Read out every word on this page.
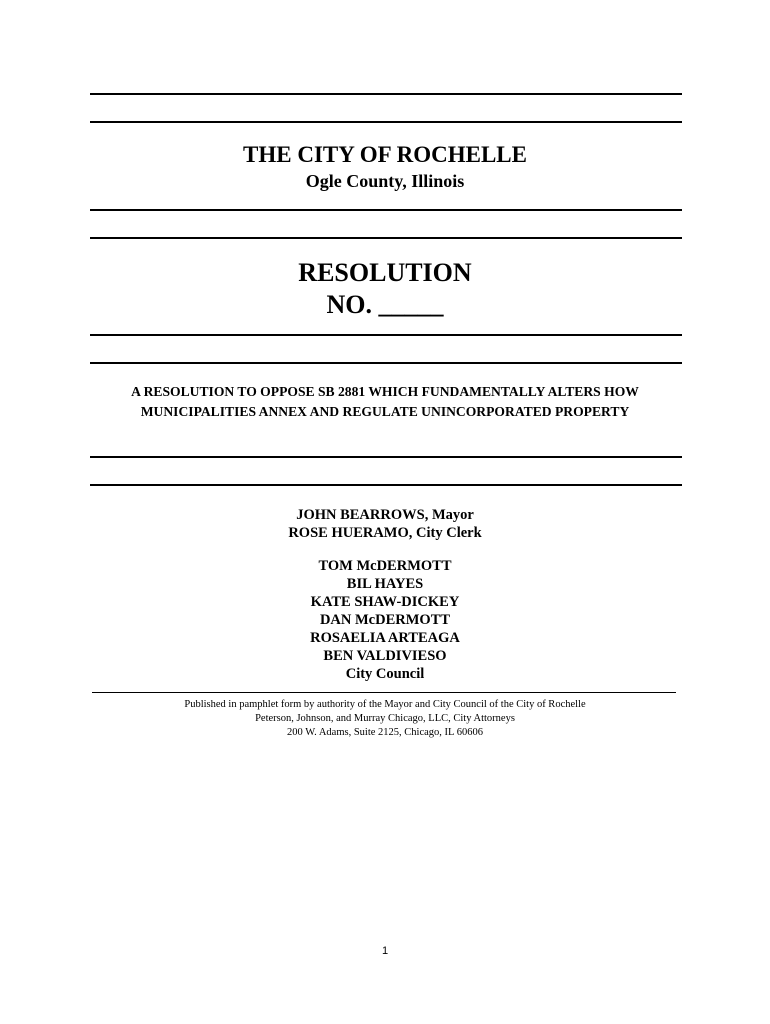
THE CITY OF ROCHELLE
Ogle County, Illinois
RESOLUTION
NO. _____
A RESOLUTION TO OPPOSE SB 2881 WHICH FUNDAMENTALLY ALTERS HOW
MUNICIPALITIES ANNEX AND REGULATE UNINCORPORATED PROPERTY
JOHN BEARROWS, Mayor
ROSE HUERAMO, City Clerk
TOM McDERMOTT
BIL HAYES
KATE SHAW-DICKEY
DAN McDERMOTT
ROSAELIA ARTEAGA
BEN VALDIVIESO
City Council
Published in pamphlet form by authority of the Mayor and City Council of the City of Rochelle
Peterson, Johnson, and Murray Chicago, LLC, City Attorneys
200 W. Adams, Suite 2125, Chicago, IL 60606
1
